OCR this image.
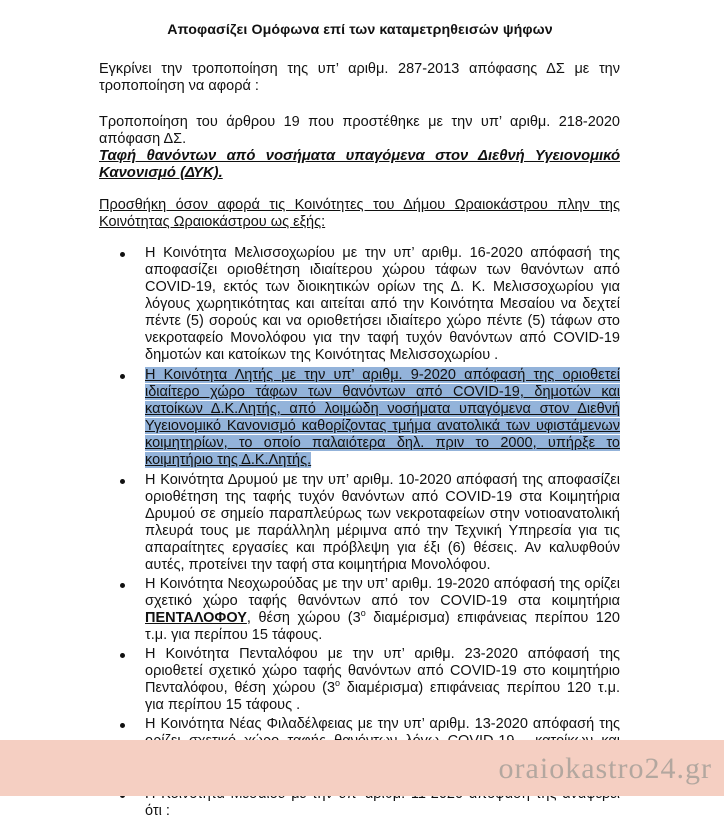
Αποφασίζει Ομόφωνα επί των καταμετρηθεισών ψήφων
Εγκρίνει την τροποποίηση της υπ’ αριθμ. 287-2013 απόφασης ΔΣ με την τροποποίηση να αφορά :
Τροποποίηση του άρθρου 19 που προστέθηκε με την υπ’ αριθμ. 218-2020 απόφαση ΔΣ.
Ταφή θανόντων από νοσήματα υπαγόμενα στον Διεθνή Υγειονομικό Κανονισμό (ΔΥΚ).
Προσθήκη όσον αφορά τις Κοινότητες του Δήμου Ωραιοκάστρου πλην της Κοινότητας Ωραιοκάστρου ως εξής:
Η Κοινότητα Μελισσοχωρίου με την υπ’ αριθμ. 16-2020 απόφασή της αποφασίζει οριοθέτηση ιδιαίτερου χώρου τάφων των θανόντων από COVID-19, εκτός των διοικητικών ορίων της Δ. Κ. Μελισσοχωρίου για λόγους χωρητικότητας και αιτείται από την Κοινότητα Μεσαίου να δεχτεί πέντε (5) σορούς και να οριοθετήσει ιδιαίτερο χώρο πέντε (5) τάφων στο νεκροταφείο Μονολόφου για την ταφή τυχόν θανόντων από COVID-19 δημοτών και κατοίκων της Κοινότητας Μελισσοχωρίου .
Η Κοινότητα Λητής με την υπ’ αριθμ. 9-2020 απόφασή της οριοθετεί ιδιαίτερο χώρο τάφων των θανόντων από COVID-19, δημοτών και κατοίκων Δ.Κ.Λητής, από λοιμώδη νοσήματα υπαγόμενα στον Διεθνή Υγειονομικό Κανονισμό καθορίζοντας τμήμα ανατολικά των υφιστάμενων κοιμητηρίων, το οποίο παλαιότερα δηλ. πριν το 2000, υπήρξε το κοιμητήριο της Δ.Κ.Λητής.
Η Κοινότητα Δρυμού με την υπ’ αριθμ. 10-2020 απόφασή της αποφασίζει οριοθέτηση της ταφής τυχόν θανόντων από COVID-19 στα Κοιμητήρια Δρυμού σε σημείο παραπλεύρως των νεκροταφείων στην νοτιοανατολική πλευρά τους με παράλληλη μέριμνα από την Τεχνική Υπηρεσία για τις απαραίτητες εργασίες και πρόβλεψη για έξι (6) θέσεις. Αν καλυφθούν αυτές, προτείνει την ταφή στα κοιμητήρια Μονολόφου.
Η Κοινότητα Νεοχωρούδας με την υπ’ αριθμ. 19-2020 απόφασή της ορίζει σχετικό χώρο ταφής θανόντων από τον COVID-19 στα κοιμητήρια ΠΕΝΤΑΛΟΦΟΥ, θέση χώρου ($3^o$ διαμέρισμα) επιφάνειας περίπου 120 τ.μ. για περίπου 15 τάφους.
Η Κοινότητα Πενταλόφου με την υπ’ αριθμ. 23-2020 απόφασή της οριοθετεί σχετικό χώρο ταφής θανόντων από COVID-19 στο κοιμητήριο Πενταλόφου, θέση χώρου ($3^o$ διαμέρισμα) επιφάνειας περίπου 120 τ.μ. για περίπου 15 τάφους .
Η Κοινότητα Νέας Φιλαδέλφειας με την υπ’ αριθμ. 13-2020 απόφασή της
ότι :
oraiokastro24.gr
